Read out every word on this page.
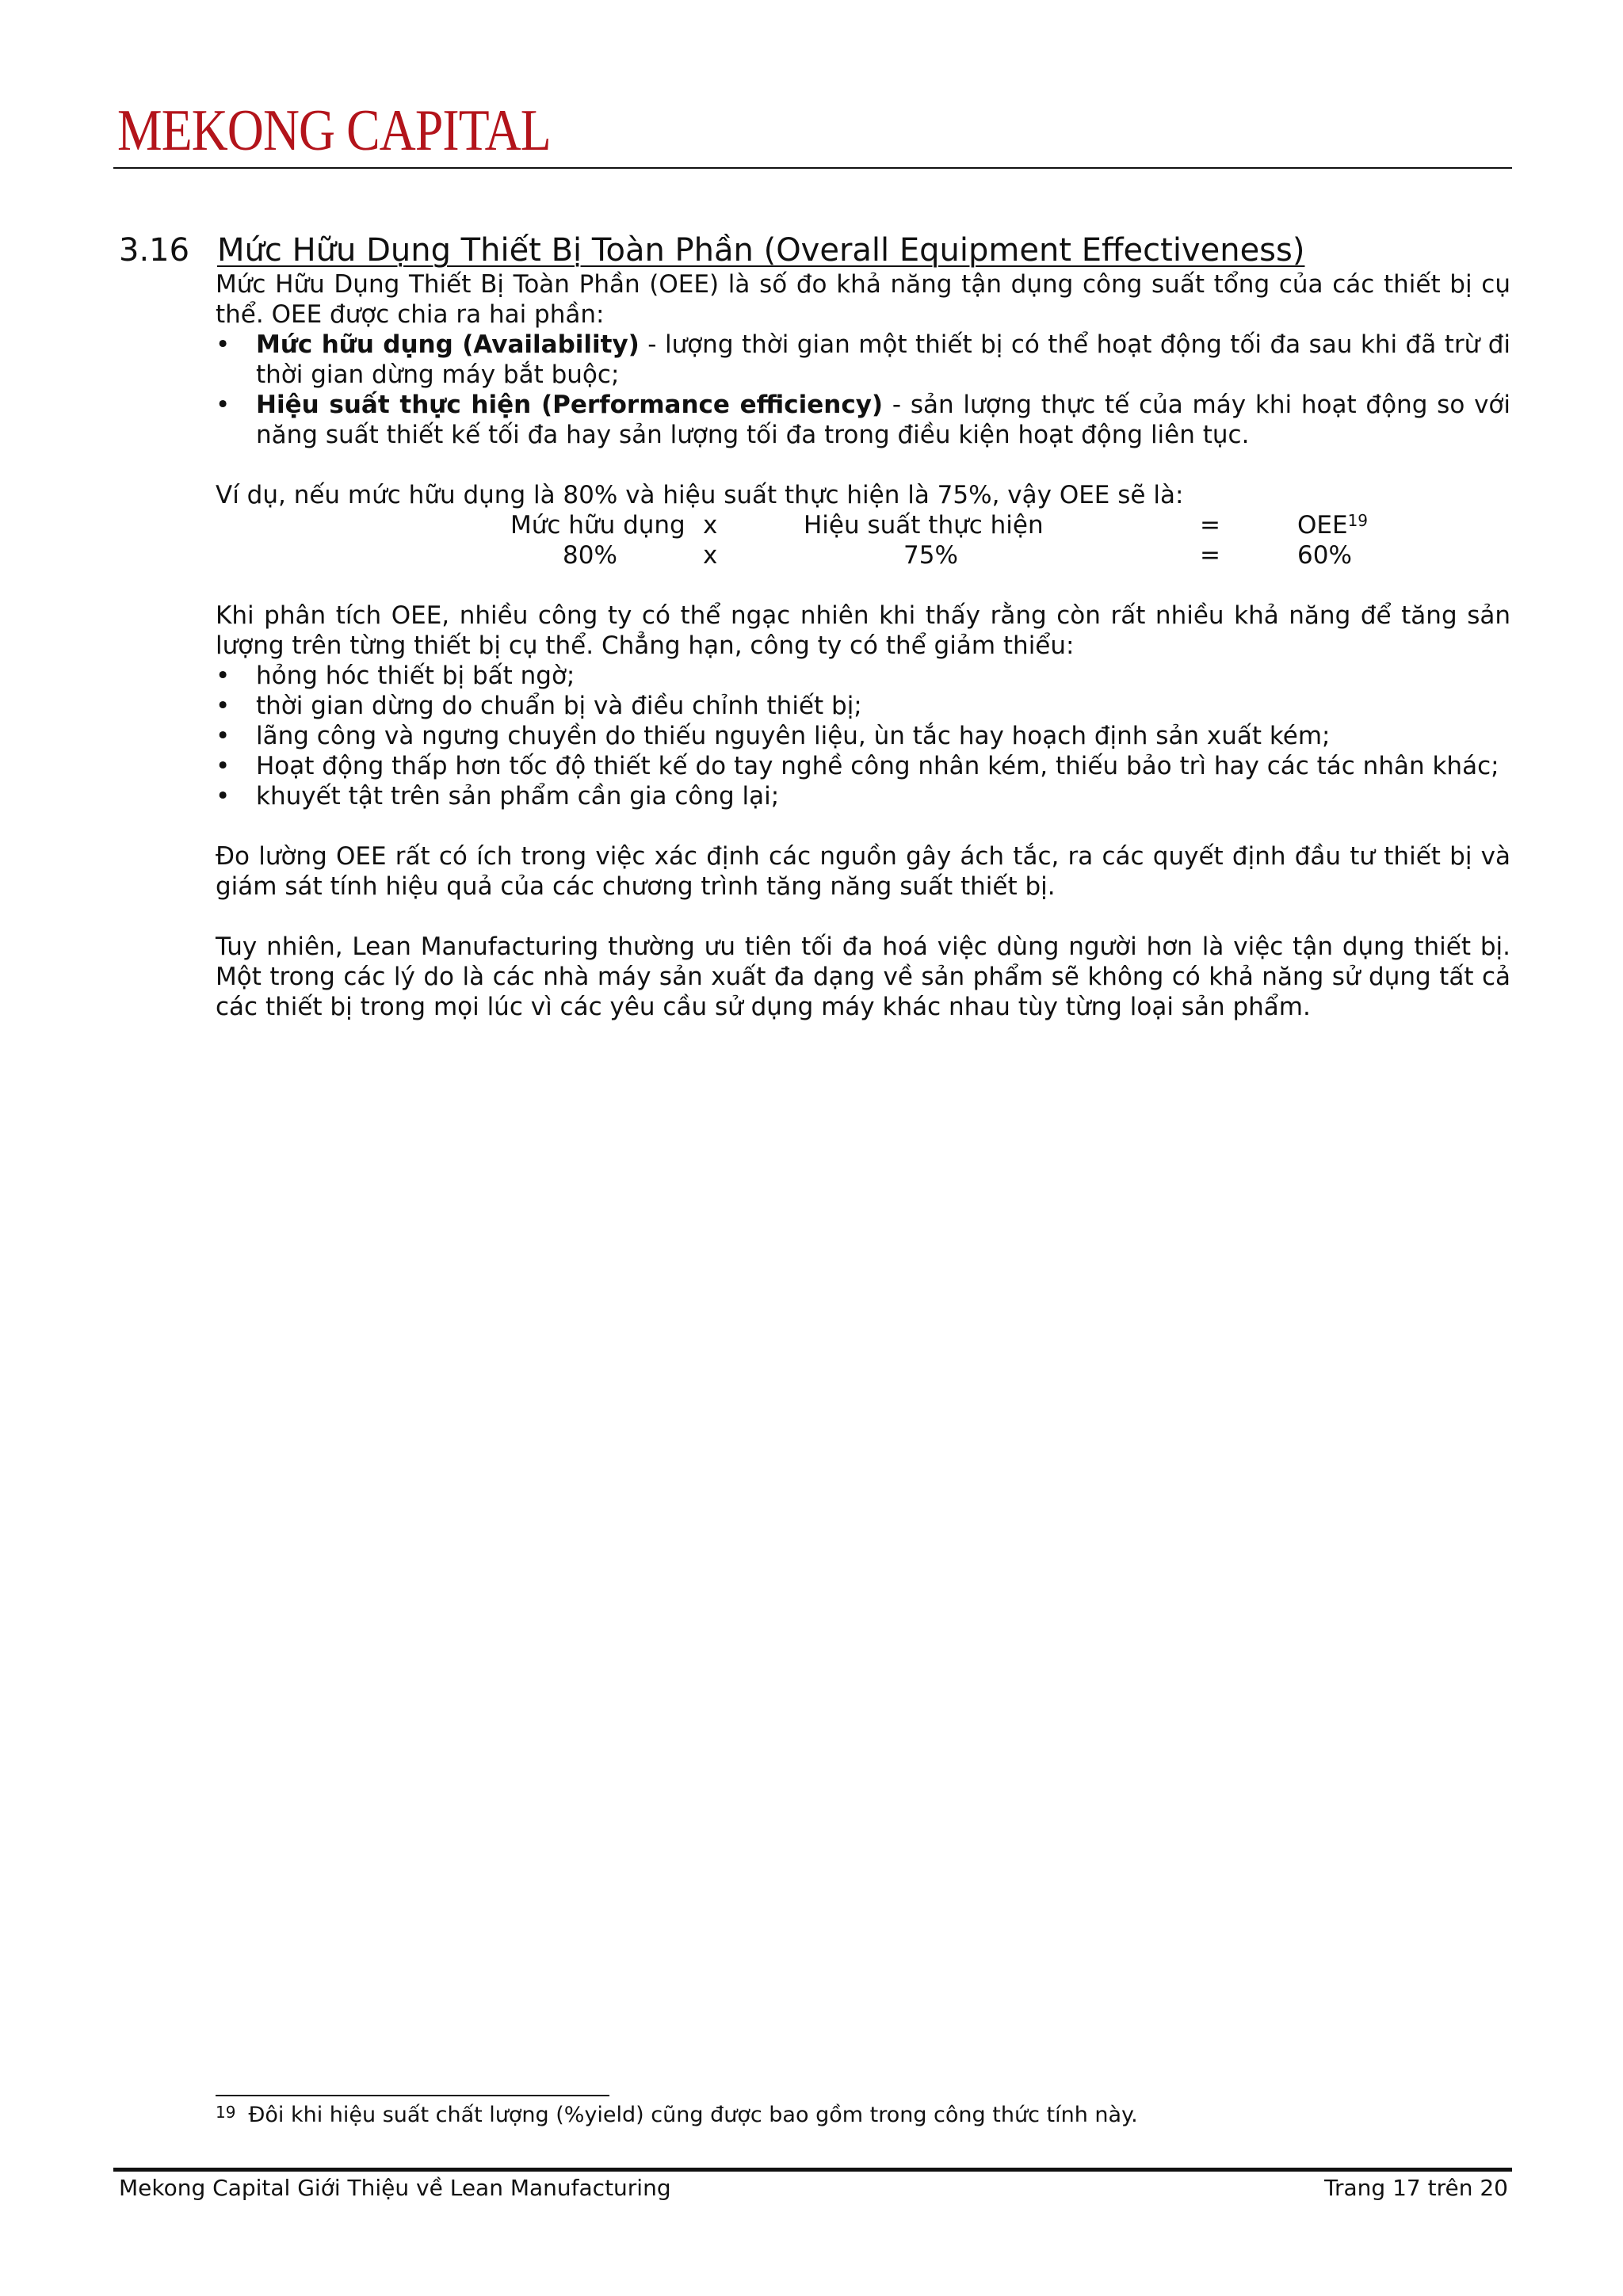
MEKONG CAPITAL
3.16 Mức Hữu Dụng Thiết Bị Toàn Phần (Overall Equipment Effectiveness)

Mức Hữu Dụng Thiết Bị Toàn Phần (OEE) là số đo khả năng tận dụng công suất tổng của các thiết bị cụ thể. OEE được chia ra hai phần:

• Mức hữu dụng (Availability) - lượng thời gian một thiết bị có thể hoạt động tối đa sau khi đã trừ đi thời gian dừng máy bắt buộc;
• Hiệu suất thực hiện (Performance efficiency) - sản lượng thực tế của máy khi hoạt động so với năng suất thiết kế tối đa hay sản lượng tối đa trong điều kiện hoạt động liên tục.

Ví dụ, nếu mức hữu dụng là 80% và hiệu suất thực hiện là 75%, vậy OEE sẽ là:

Mức hữu dụng x	Hiệu suất thực hiện	=	$OEE^{19}$
80%	x	75%	=	60%

Khi phân tích OEE, nhiều công ty có thể ngạc nhiên khi thấy rằng còn rất nhiều khả năng để tăng sản lượng trên từng thiết bị cụ thể. Chẳng hạn, công ty có thể giảm thiểu:

• hỏng hóc thiết bị bất ngờ;
• thời gian dừng do chuẩn bị và điều chỉnh thiết bị;
• lãng công và ngưng chuyền do thiếu nguyên liệu, ùn tắc hay hoạch định sản xuất kém;
• Hoạt động thấp hơn tốc độ thiết kế do tay nghề công nhân kém, thiếu bảo trì hay các tác nhân khác;
• khuyết tật trên sản phẩm cần gia công lại;

Đo lường OEE rất có ích trong việc xác định các nguồn gây ách tắc, ra các quyết định đầu tư thiết bị và giám sát tính hiệu quả của các chương trình tăng năng suất thiết bị.

Tuy nhiên, Lean Manufacturing thường ưu tiên tối đa hoá việc dùng người hơn là việc tận dụng thiết bị. Một trong các lý do là các nhà máy sản xuất đa dạng về sản phẩm sẽ không có khả năng sử dụng tất cả các thiết bị trong mọi lúc vì các yêu cầu sử dụng máy khác nhau tùy từng loại sản phẩm.

$^{19}$ Đôi khi hiệu suất chất lượng (%yield) cũng được bao gồm trong công thức tính này.
Mekong Capital Giới Thiệu về Lean Manufacturing	Trang 17 trên 20
